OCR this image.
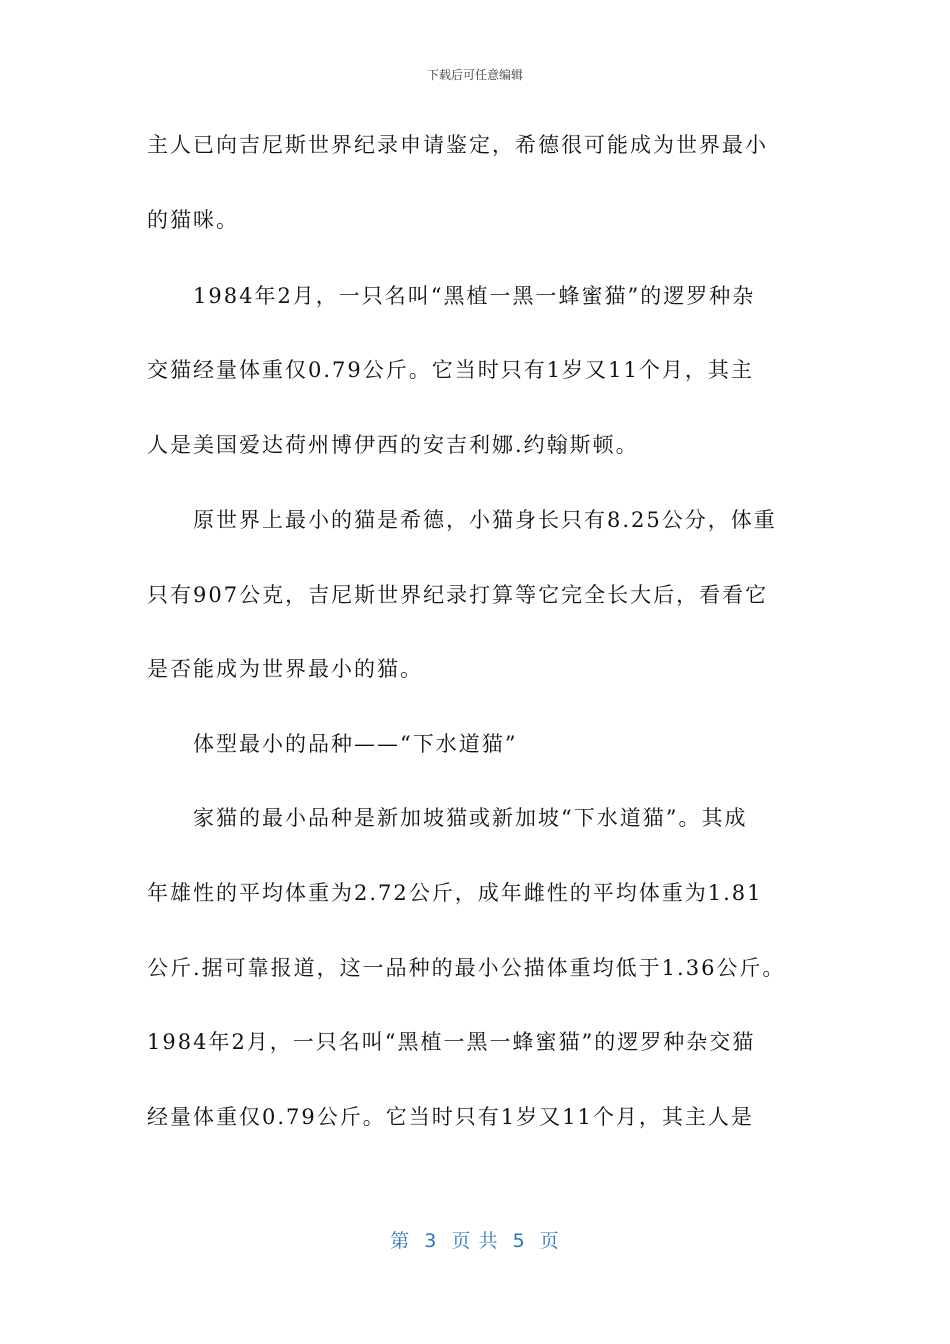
下载后可任意编辑
主人已向吉尼斯世界纪录申请鉴定，希德很可能成为世界最小
的猫咪。
1984年2月，一只名叫“黑植一黑一蜂蜜猫”的逻罗种杂
交猫经量体重仅0.79公斤。它当时只有1岁又11个月，其主
人是美国爱达荷州博伊西的安吉利娜.约翰斯顿。
原世界上最小的猫是希德，小猫身长只有8.25公分，体重
只有907公克，吉尼斯世界纪录打算等它完全长大后，看看它
是否能成为世界最小的猫。
体型最小的品种——“下水道猫”
家猫的最小品种是新加坡猫或新加坡“下水道猫”。其成
年雄性的平均体重为2.72公斤，成年雌性的平均体重为1.81
公斤.据可靠报道，这一品种的最小公描体重均低于1.36公斤。
1984年2月，一只名叫“黑植一黑一蜂蜜猫”的逻罗种杂交猫
经量体重仅0.79公斤。它当时只有1岁又11个月，其主人是
第  3  页 共  5  页
